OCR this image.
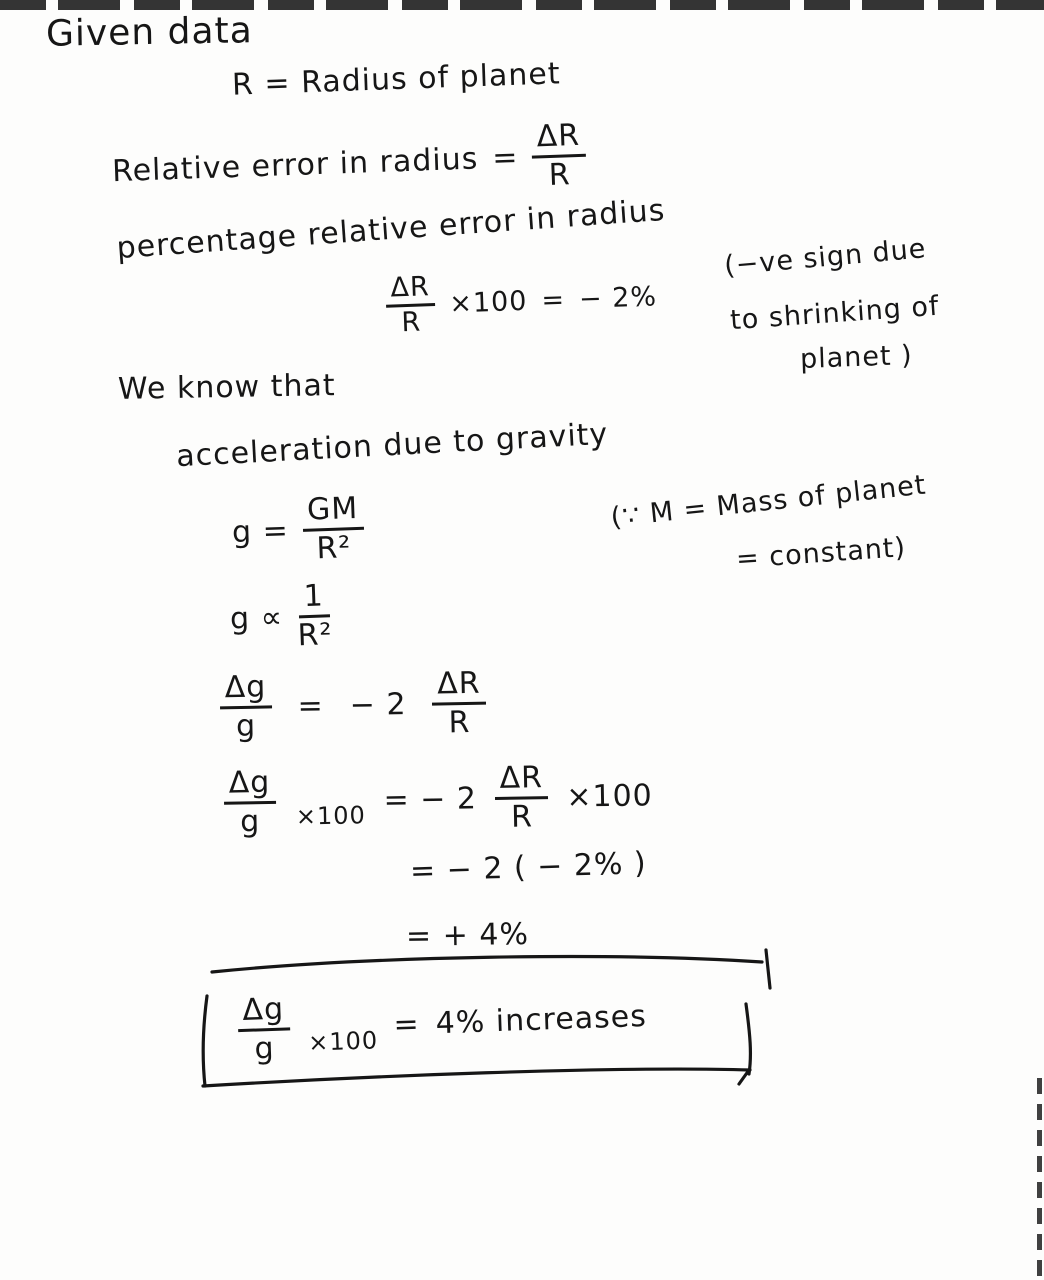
Given data
R = Radius of planet
Relative error in radius = $\frac{\Delta R}{R}$
percentage relative error in radius
$\frac{\Delta R}{R} \times 100$ = − 2%
(−ve sign due
to shrinking of
planet )
We know that
acceleration due to gravity
$g = \frac{GM}{\text{R²}}$	(∵ M = Mass of planet
= constant)
$g \propto \frac{1}{\text{R²}}$
$\frac{\Delta g}{g}$ = − $2 \frac{\Delta R}{R}$
$\frac{\Delta g}{g} \times 100$ = − $2 \frac{\Delta R}{R} \times 100$
= − 2 ( − 2% )
= + 4%
$\frac{\Delta g}{g} \times 100 = 4\%$ increases
